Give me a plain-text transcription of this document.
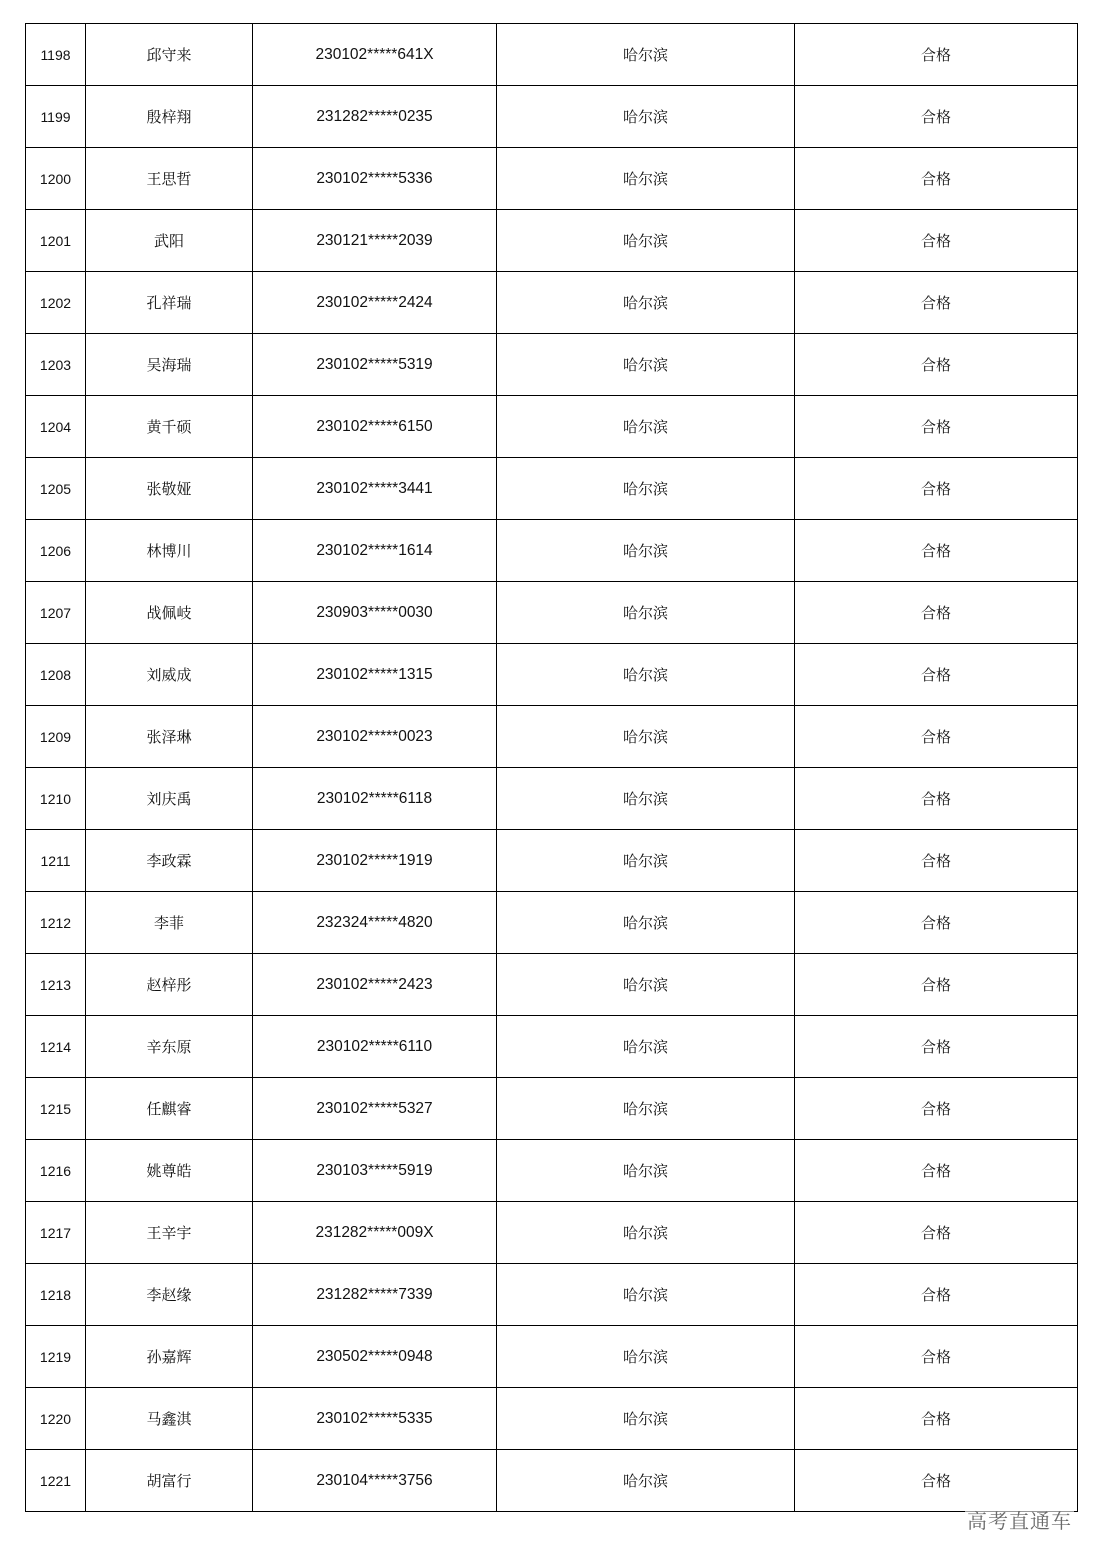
1198	邱守来	230102*****641X	哈尔滨	合格
1199	殷梓翔	231282*****0235	哈尔滨	合格
1200	王思哲	230102*****5336	哈尔滨	合格
1201	武阳	230121*****2039	哈尔滨	合格
1202	孔祥瑞	230102*****2424	哈尔滨	合格
1203	吴海瑞	230102*****5319	哈尔滨	合格
1204	黄千硕	230102*****6150	哈尔滨	合格
1205	张敬娅	230102*****3441	哈尔滨	合格
1206	林博川	230102*****1614	哈尔滨	合格
1207	战佩岐	230903*****0030	哈尔滨	合格
1208	刘威成	230102*****1315	哈尔滨	合格
1209	张泽琳	230102*****0023	哈尔滨	合格
1210	刘庆禹	230102*****6118	哈尔滨	合格
1211	李政霖	230102*****1919	哈尔滨	合格
1212	李菲	232324*****4820	哈尔滨	合格
1213	赵梓彤	230102*****2423	哈尔滨	合格
1214	辛东原	230102*****6110	哈尔滨	合格
1215	任麒睿	230102*****5327	哈尔滨	合格
1216	姚尊皓	230103*****5919	哈尔滨	合格
1217	王辛宇	231282*****009X	哈尔滨	合格
1218	李赵缘	231282*****7339	哈尔滨	合格
1219	孙嘉辉	230502*****0948	哈尔滨	合格
1220	马鑫淇	230102*****5335	哈尔滨	合格
1221	胡富行	230104*****3756	哈尔滨	合格
高考直通车
